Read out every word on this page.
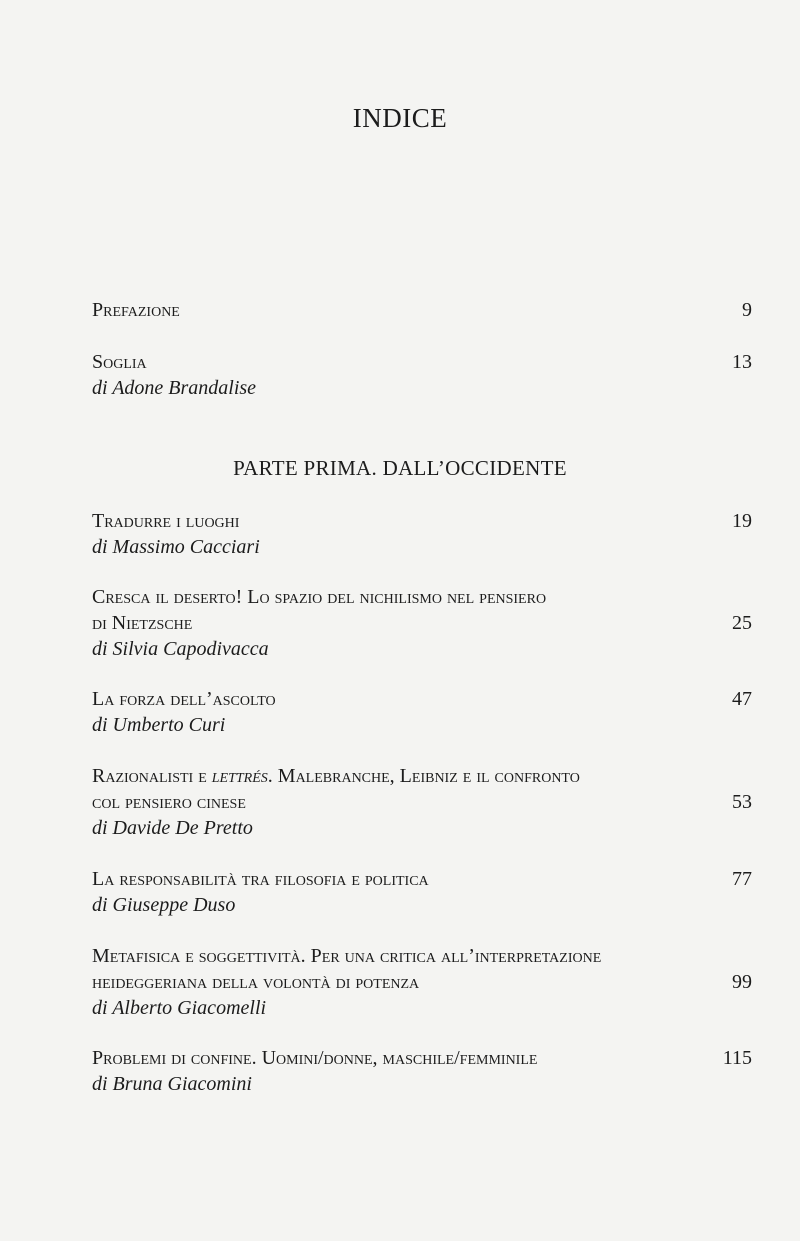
INDICE
Prefazione	9
Soglia	13
di Adone Brandalise
PARTE PRIMA. DALL’OCCIDENTE
Tradurre i luoghi	19
di Massimo Cacciari
Cresca il deserto! Lo spazio del nichilismo nel pensiero
di Nietzsche	25
di Silvia Capodivacca
La forza dell’ascolto	47
di Umberto Curi
Razionalisti e lettrés. Malebranche, Leibniz e il confronto
col pensiero cinese	53
di Davide De Pretto
La responsabilità tra filosofia e politica	77
di Giuseppe Duso
Metafisica e soggettività. Per una critica all’interpretazione
heideggeriana della volontà di potenza	99
di Alberto Giacomelli
Problemi di confine. Uomini/donne, maschile/femminile	115
di Bruna Giacomini
